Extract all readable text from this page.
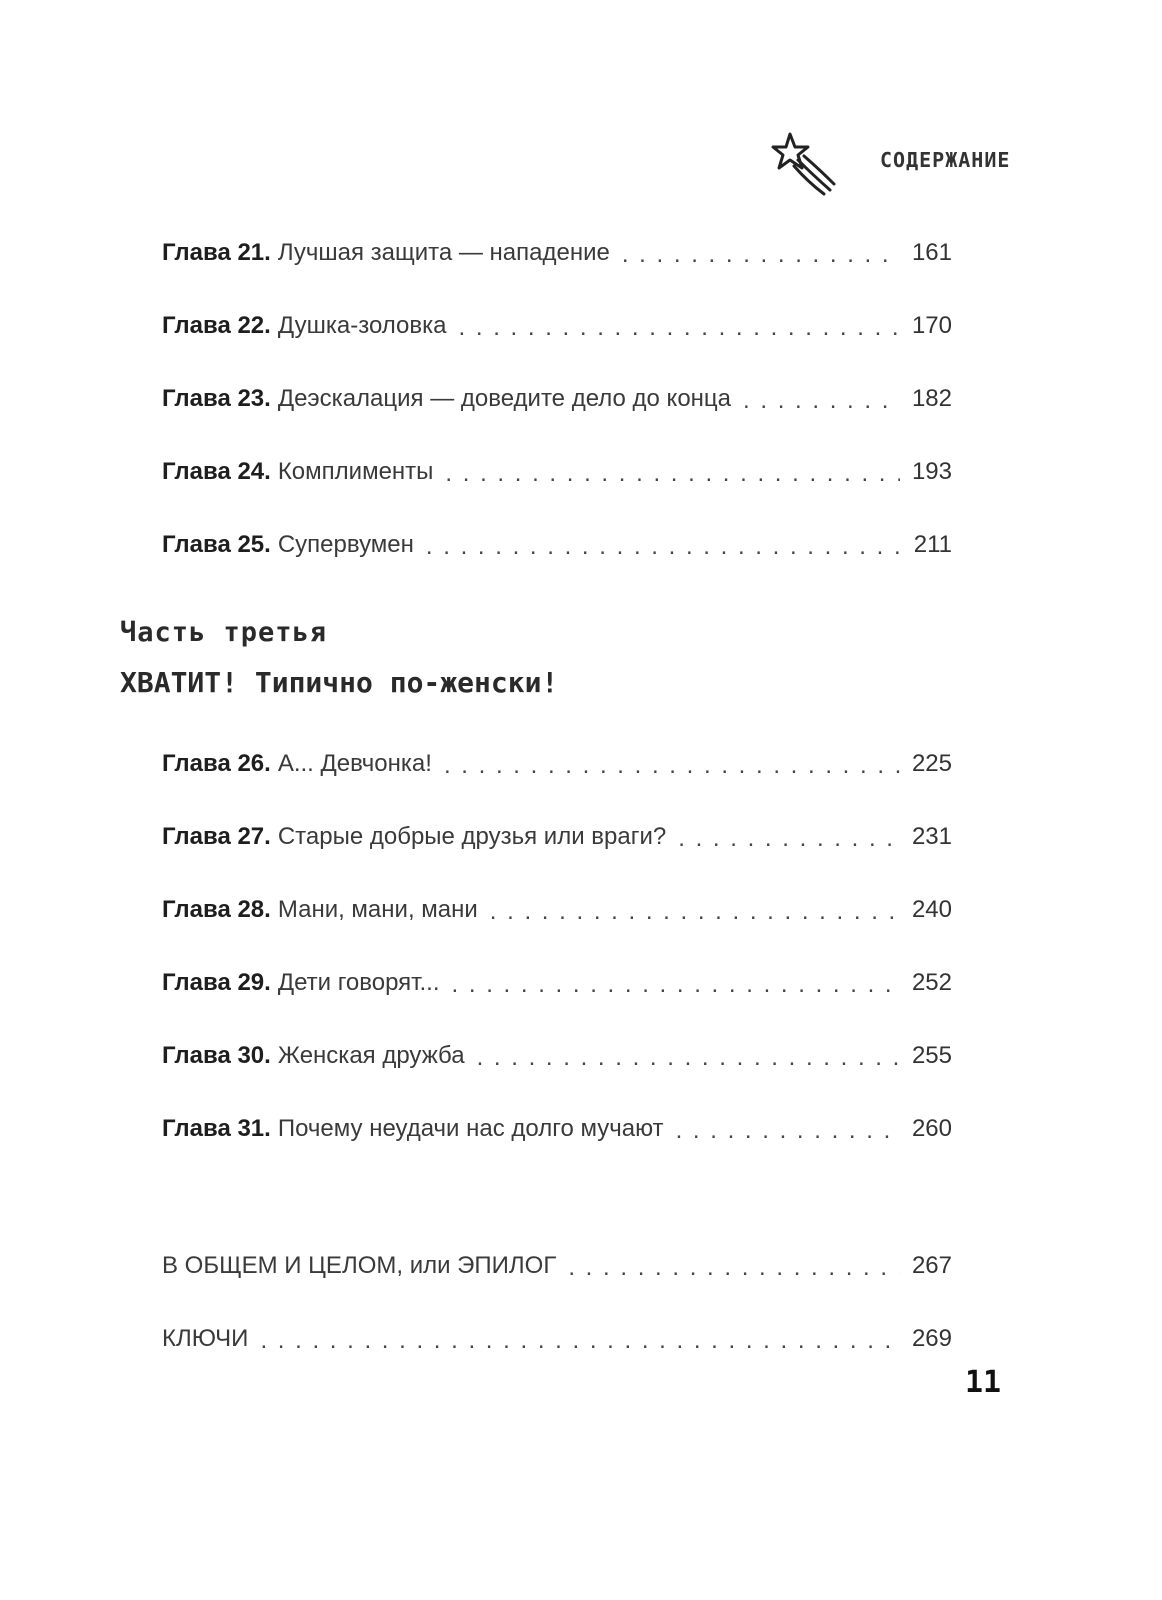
СОДЕРЖАНИЕ
Глава 21. Лучшая защита — нападение . . .	161
Глава 22. Душка-золовка . . .	170
Глава 23. Деэскалация — доведите дело до конца . . .	182
Глава 24. Комплименты . . .	193
Глава 25. Супервумен . . .	211
Часть третья
ХВАТИТ! Типично по-женски!
Глава 26. А... Девчонка! . . .	225
Глава 27. Старые добрые друзья или враги? . . .	231
Глава 28. Мани, мани, мани . . .	240
Глава 29. Дети говорят... . . .	252
Глава 30. Женская дружба . . .	255
Глава 31. Почему неудачи нас долго мучают . . .	260
В ОБЩЕМ И ЦЕЛОМ, или ЭПИЛОГ . . .	267
КЛЮЧИ . . .	269
11
